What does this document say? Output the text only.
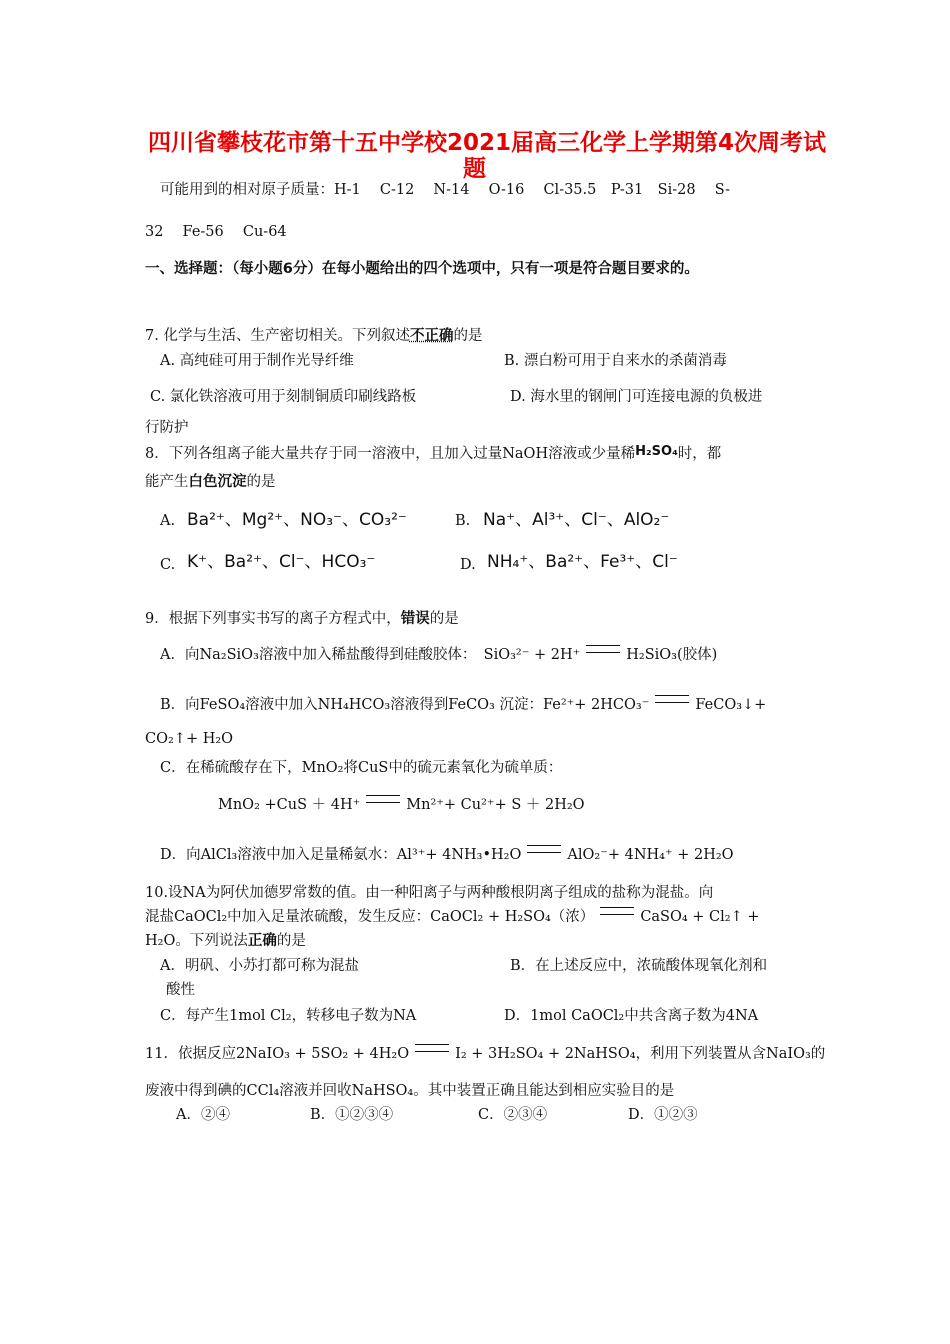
四川省攀枝花市第十五中学校2021届高三化学上学期第4次周考试
题
可能用到的相对原子质量：H-1　 C-12　 N-14　 O-16　 Cl-35.5　P-31　Si-28　 S-
32　 Fe-56　 Cu-64
一、选择题：（每小题6分）在每小题给出的四个选项中，只有一项是符合题目要求的。
7. 化学与生活、生产密切相关。下列叙述不正确的是
A. 高纯硅可用于制作光导纤维	B. 漂白粉可用于自来水的杀菌消毒
C. 氯化铁溶液可用于刻制铜质印刷线路板	D. 海水里的钢闸门可连接电源的负极进
行防护
8．下列各组离子能大量共存于同一溶液中，且加入过量NaOH溶液或少量稀H₂SO₄时，都
能产生白色沉淀的是
A. Ba²⁺、Mg²⁺、NO₃⁻、CO₃²⁻	B. Na⁺、Al³⁺、Cl⁻、AlO₂⁻
C. K⁺、Ba²⁺、Cl⁻、HCO₃⁻	D. NH₄⁺、Ba²⁺、Fe³⁺、Cl⁻
9．根据下列事实书写的离子方程式中，错误的是
A．向Na₂SiO₃溶液中加入稀盐酸得到硅酸胶体：　SiO₃²⁻ + 2H⁺	H₂SiO₃(胶体)
B．向FeSO₄溶液中加入NH₄HCO₃溶液得到FeCO₃ 沉淀：Fe²⁺+ 2HCO₃⁻	FeCO₃↓+
CO₂↑+ H₂O
C．在稀硫酸存在下，MnO₂将CuS中的硫元素氧化为硫单质：
MnO₂ +CuS ＋ 4H⁺	Mn²⁺+ Cu²⁺+ S ＋ 2H₂O
D．向AlCl₃溶液中加入足量稀氨水：Al³⁺+ 4NH₃•H₂O	AlO₂⁻+ 4NH₄⁺ + 2H₂O
10.设NA为阿伏加德罗常数的值。由一种阳离子与两种酸根阴离子组成的盐称为混盐。向
混盐CaOCl₂中加入足量浓硫酸，发生反应：CaOCl₂ + H₂SO₄（浓）	CaSO₄ + Cl₂↑ +
H₂O。下列说法正确的是
A．明矾、小苏打都可称为混盐	B．在上述反应中，浓硫酸体现氧化剂和
酸性
C．每产生1mol Cl₂，转移电子数为NA	D．1mol CaOCl₂中共含离子数为4NA
11．依据反应2NaIO₃ + 5SO₂ + 4H₂O	I₂ + 3H₂SO₄ + 2NaHSO₄，利用下列装置从含NaIO₃的
废液中得到碘的CCl₄溶液并回收NaHSO₄。其中装置正确且能达到相应实验目的是
A．②④	B．①②③④	C．②③④	D．①②③
